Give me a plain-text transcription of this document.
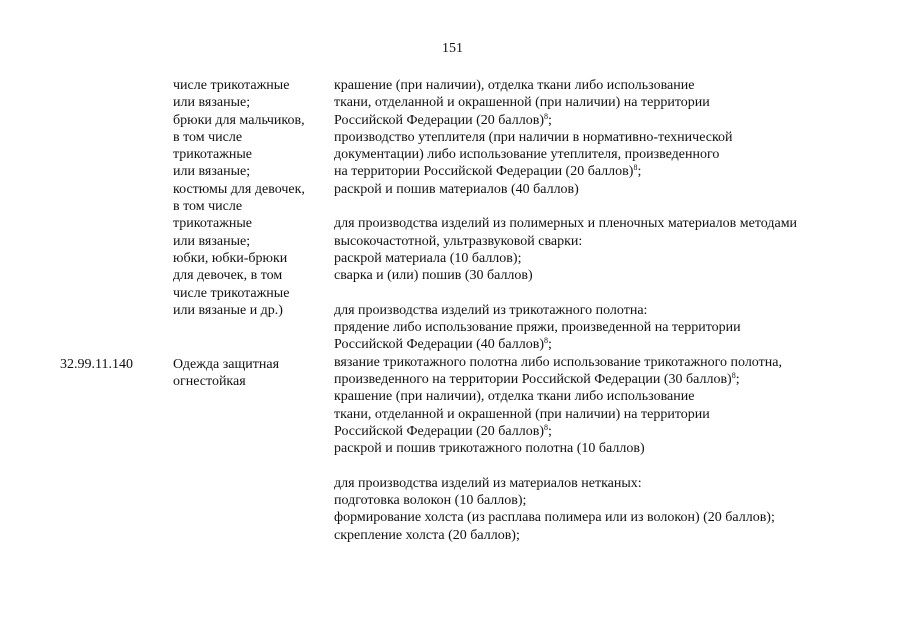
151
32.99.11.140
числе трикотажные
или вязаные;
брюки для мальчиков,
в том числе
трикотажные
или вязаные;
костюмы для девочек,
в том числе
трикотажные
или вязаные;
юбки, юбки-брюки
для девочек, в том
числе трикотажные
или вязаные и др.)
Одежда защитная
огнестойкая
крашение (при наличии), отделка ткани либо использование
ткани, отделанной и окрашенной (при наличии) на территории
Российской Федерации (20 баллов)$^8$;
производство утеплителя (при наличии в нормативно-технической
документации) либо использование утеплителя, произведенного
на территории Российской Федерации (20 баллов)$^8$;
раскрой и пошив материалов (40 баллов)
для производства изделий из полимерных и пленочных материалов методами
высокочастотной, ультразвуковой сварки:
раскрой материала (10 баллов);
сварка и (или) пошив (30 баллов)
для производства изделий из трикотажного полотна:
прядение либо использование пряжи, произведенной на территории
Российской Федерации (40 баллов)$^8$;
вязание трикотажного полотна либо использование трикотажного полотна,
произведенного на территории Российской Федерации (30 баллов)$^8$;
крашение (при наличии), отделка ткани либо использование
ткани, отделанной и окрашенной (при наличии) на территории
Российской Федерации (20 баллов)$^8$;
раскрой и пошив трикотажного полотна (10 баллов)
для производства изделий из материалов нетканых:
подготовка волокон (10 баллов);
формирование холста (из расплава полимера или из волокон) (20 баллов);
скрепление холста (20 баллов);
